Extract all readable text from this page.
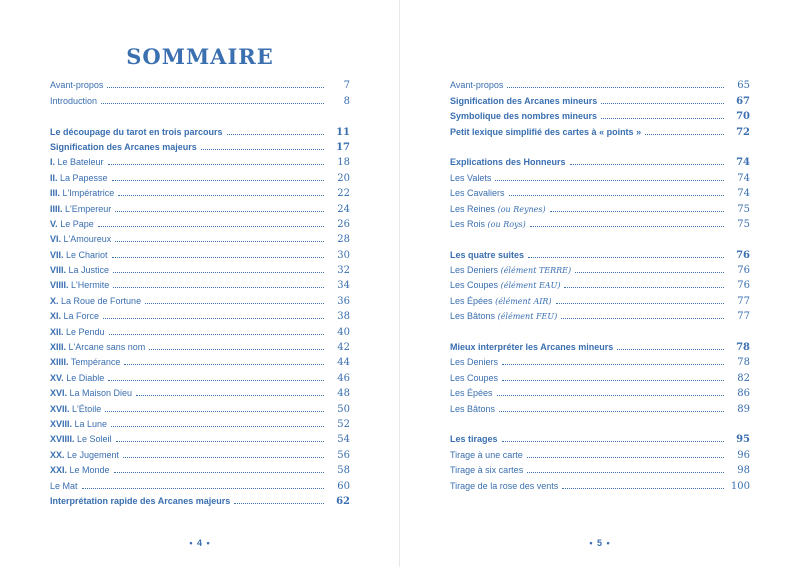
SOMMAIRE
Avant-propos	7
Introduction	8
Le découpage du tarot en trois parcours	11
Signification des Arcanes majeurs	17
I. Le Bateleur	18
II. La Papesse	20
III. L'Impératrice	22
IIII. L'Empereur	24
V. Le Pape	26
VI. L'Amoureux	28
VII. Le Chariot	30
VIII. La Justice	32
VIIII. L'Hermite	34
X. La Roue de Fortune	36
XI. La Force	38
XII. Le Pendu	40
XIII. L'Arcane sans nom	42
XIIII. Tempérance	44
XV. Le Diable	46
XVI. La Maison Dieu	48
XVII. L'Étoile	50
XVIII. La Lune	52
XVIIII. Le Soleil	54
XX. Le Jugement	56
XXI. Le Monde	58
Le Mat	60
Interprétation rapide des Arcanes majeurs	62
• 4 •
Avant-propos	65
Signification des Arcanes mineurs	67
Symbolique des nombres mineurs	70
Petit lexique simplifié des cartes à « points »	72
Explications des Honneurs	74
Les Valets	74
Les Cavaliers	74
Les Reines (ou Reynes)	75
Les Rois (ou Roys)	75
Les quatre suites	76
Les Deniers (élément TERRE)	76
Les Coupes (élément EAU)	76
Les Épées (élément AIR)	77
Les Bâtons (élément FEU)	77
Mieux interpréter les Arcanes mineurs	78
Les Deniers	78
Les Coupes	82
Les Épées	86
Les Bâtons	89
Les tirages	95
Tirage à une carte	96
Tirage à six cartes	98
Tirage de la rose des vents	100
• 5 •
